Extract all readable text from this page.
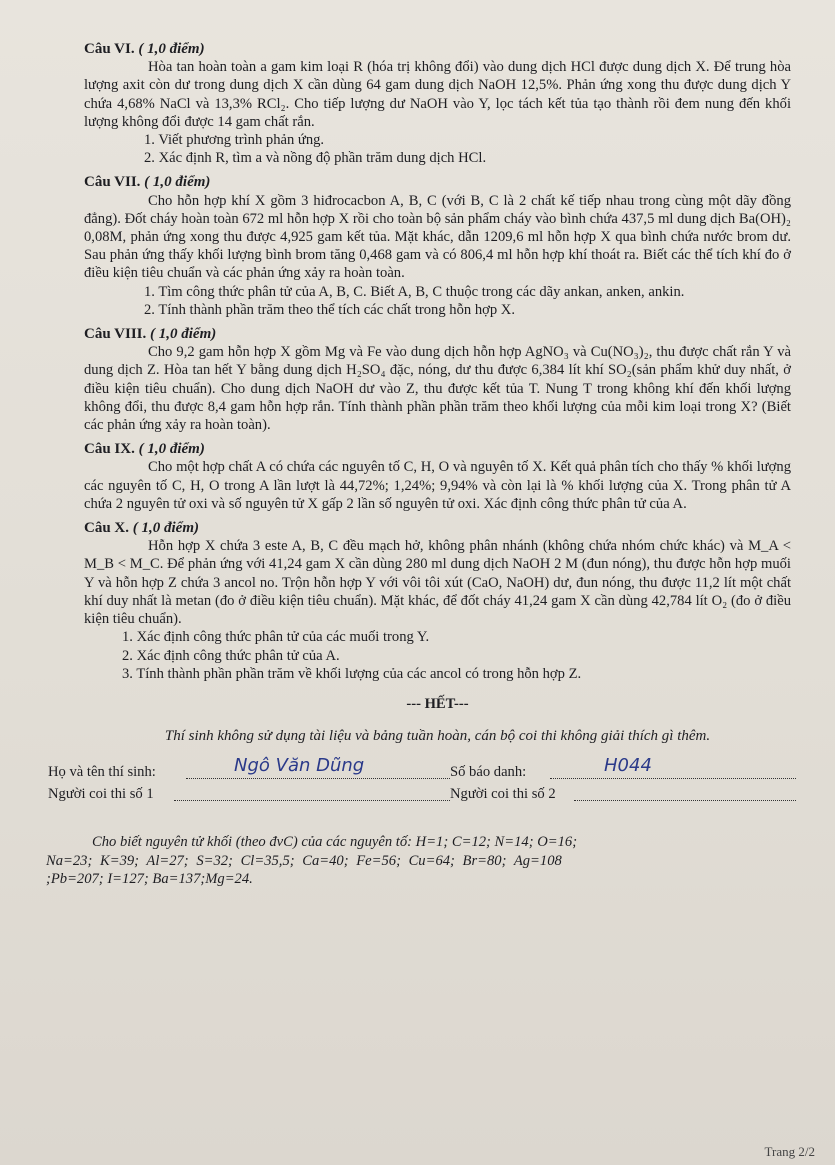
Câu VI. ( 1,0 điểm)

Hòa tan hoàn toàn a gam kim loại R (hóa trị không đổi) vào dung dịch HCl được dung dịch X. Để trung hòa lượng axit còn dư trong dung dịch X cần dùng 64 gam dung dịch NaOH 12,5%. Phản ứng xong thu được dung dịch Y chứa 4,68% NaCl và 13,3% RCl₂. Cho tiếp lượng dư NaOH vào Y, lọc tách kết tủa tạo thành rồi đem nung đến khối lượng không đổi được 14 gam chất rắn.

1. Viết phương trình phản ứng.

2. Xác định R, tìm a và nồng độ phần trăm dung dịch HCl.

Câu VII. ( 1,0 điểm)

Cho hỗn hợp khí X gồm 3 hiđrocacbon A, B, C (với B, C là 2 chất kế tiếp nhau trong cùng một dãy đồng đẳng). Đốt cháy hoàn toàn 672 ml hỗn hợp X rồi cho toàn bộ sản phẩm cháy vào bình chứa 437,5 ml dung dịch Ba(OH)₂ 0,08M, phản ứng xong thu được 4,925 gam kết tủa. Mặt khác, dẫn 1209,6 ml hỗn hợp X qua bình chứa nước brom dư. Sau phản ứng thấy khối lượng bình brom tăng 0,468 gam và có 806,4 ml hỗn hợp khí thoát ra. Biết các thể tích khí đo ở điều kiện tiêu chuẩn và các phản ứng xảy ra hoàn toàn.

1. Tìm công thức phân tử của A, B, C. Biết A, B, C thuộc trong các dãy ankan, anken, ankin.

2. Tính thành phần trăm theo thể tích các chất trong hỗn hợp X.

Câu VIII. ( 1,0 điểm)

Cho 9,2 gam hỗn hợp X gồm Mg và Fe vào dung dịch hỗn hợp AgNO₃ và Cu(NO₃)₂, thu được chất rắn Y và dung dịch Z. Hòa tan hết Y bằng dung dịch H₂SO₄ đặc, nóng, dư thu được 6,384 lít khí SO₂(sản phẩm khử duy nhất, ở điều kiện tiêu chuẩn). Cho dung dịch NaOH dư vào Z, thu được kết tủa T. Nung T trong không khí đến khối lượng không đổi, thu được 8,4 gam hỗn hợp rắn. Tính thành phần phần trăm theo khối lượng của mỗi kim loại trong X? (Biết các phản ứng xảy ra hoàn toàn).

Câu IX. ( 1,0 điểm)

Cho một hợp chất A có chứa các nguyên tố C, H, O và nguyên tố X. Kết quả phân tích cho thấy % khối lượng các nguyên tố C, H, O trong A lần lượt là 44,72%; 1,24%; 9,94% và còn lại là % khối lượng của X. Trong phân tử A chứa 2 nguyên tử oxi và số nguyên tử X gấp 2 lần số nguyên tử oxi. Xác định công thức phân tử của A.

Câu X. ( 1,0 điểm)

Hỗn hợp X chứa 3 este A, B, C đều mạch hở, không phân nhánh (không chứa nhóm chức khác) và M_A < M_B < M_C. Để phản ứng với 41,24 gam X cần dùng 280 ml dung dịch NaOH 2 M (đun nóng), thu được hỗn hợp muối Y và hỗn hợp Z chứa 3 ancol no. Trộn hỗn hợp Y với vôi tôi xút (CaO, NaOH) dư, đun nóng, thu được 11,2 lít một chất khí duy nhất là metan (đo ở điều kiện tiêu chuẩn). Mặt khác, để đốt cháy 41,24 gam X cần dùng 42,784 lít O₂ (đo ở điều kiện tiêu chuẩn).

1. Xác định công thức phân tử của các muối trong Y.

2. Xác định công thức phân tử của A.

3. Tính thành phần phần trăm về khối lượng của các ancol có trong hỗn hợp Z.

--- HẾT---
Thí sinh không sử dụng tài liệu và bảng tuần hoàn, cán bộ coi thi không giải thích gì thêm.
Họ và tên thí sinh:	Ngô Văn Dũng	Số báo danh:	H044
Người coi thi số 1	Người coi thi số 2

Cho biết nguyên tử khối (theo đvC) của các nguyên tố: H=1; C=12; N=14; O=16;

Na=23; K=39; Al=27; S=32; Cl=35,5; Ca=40; Fe=56; Cu=64; Br=80; Ag=108

;Pb=207; I=127; Ba=137;Mg=24.

Trang 2/2
